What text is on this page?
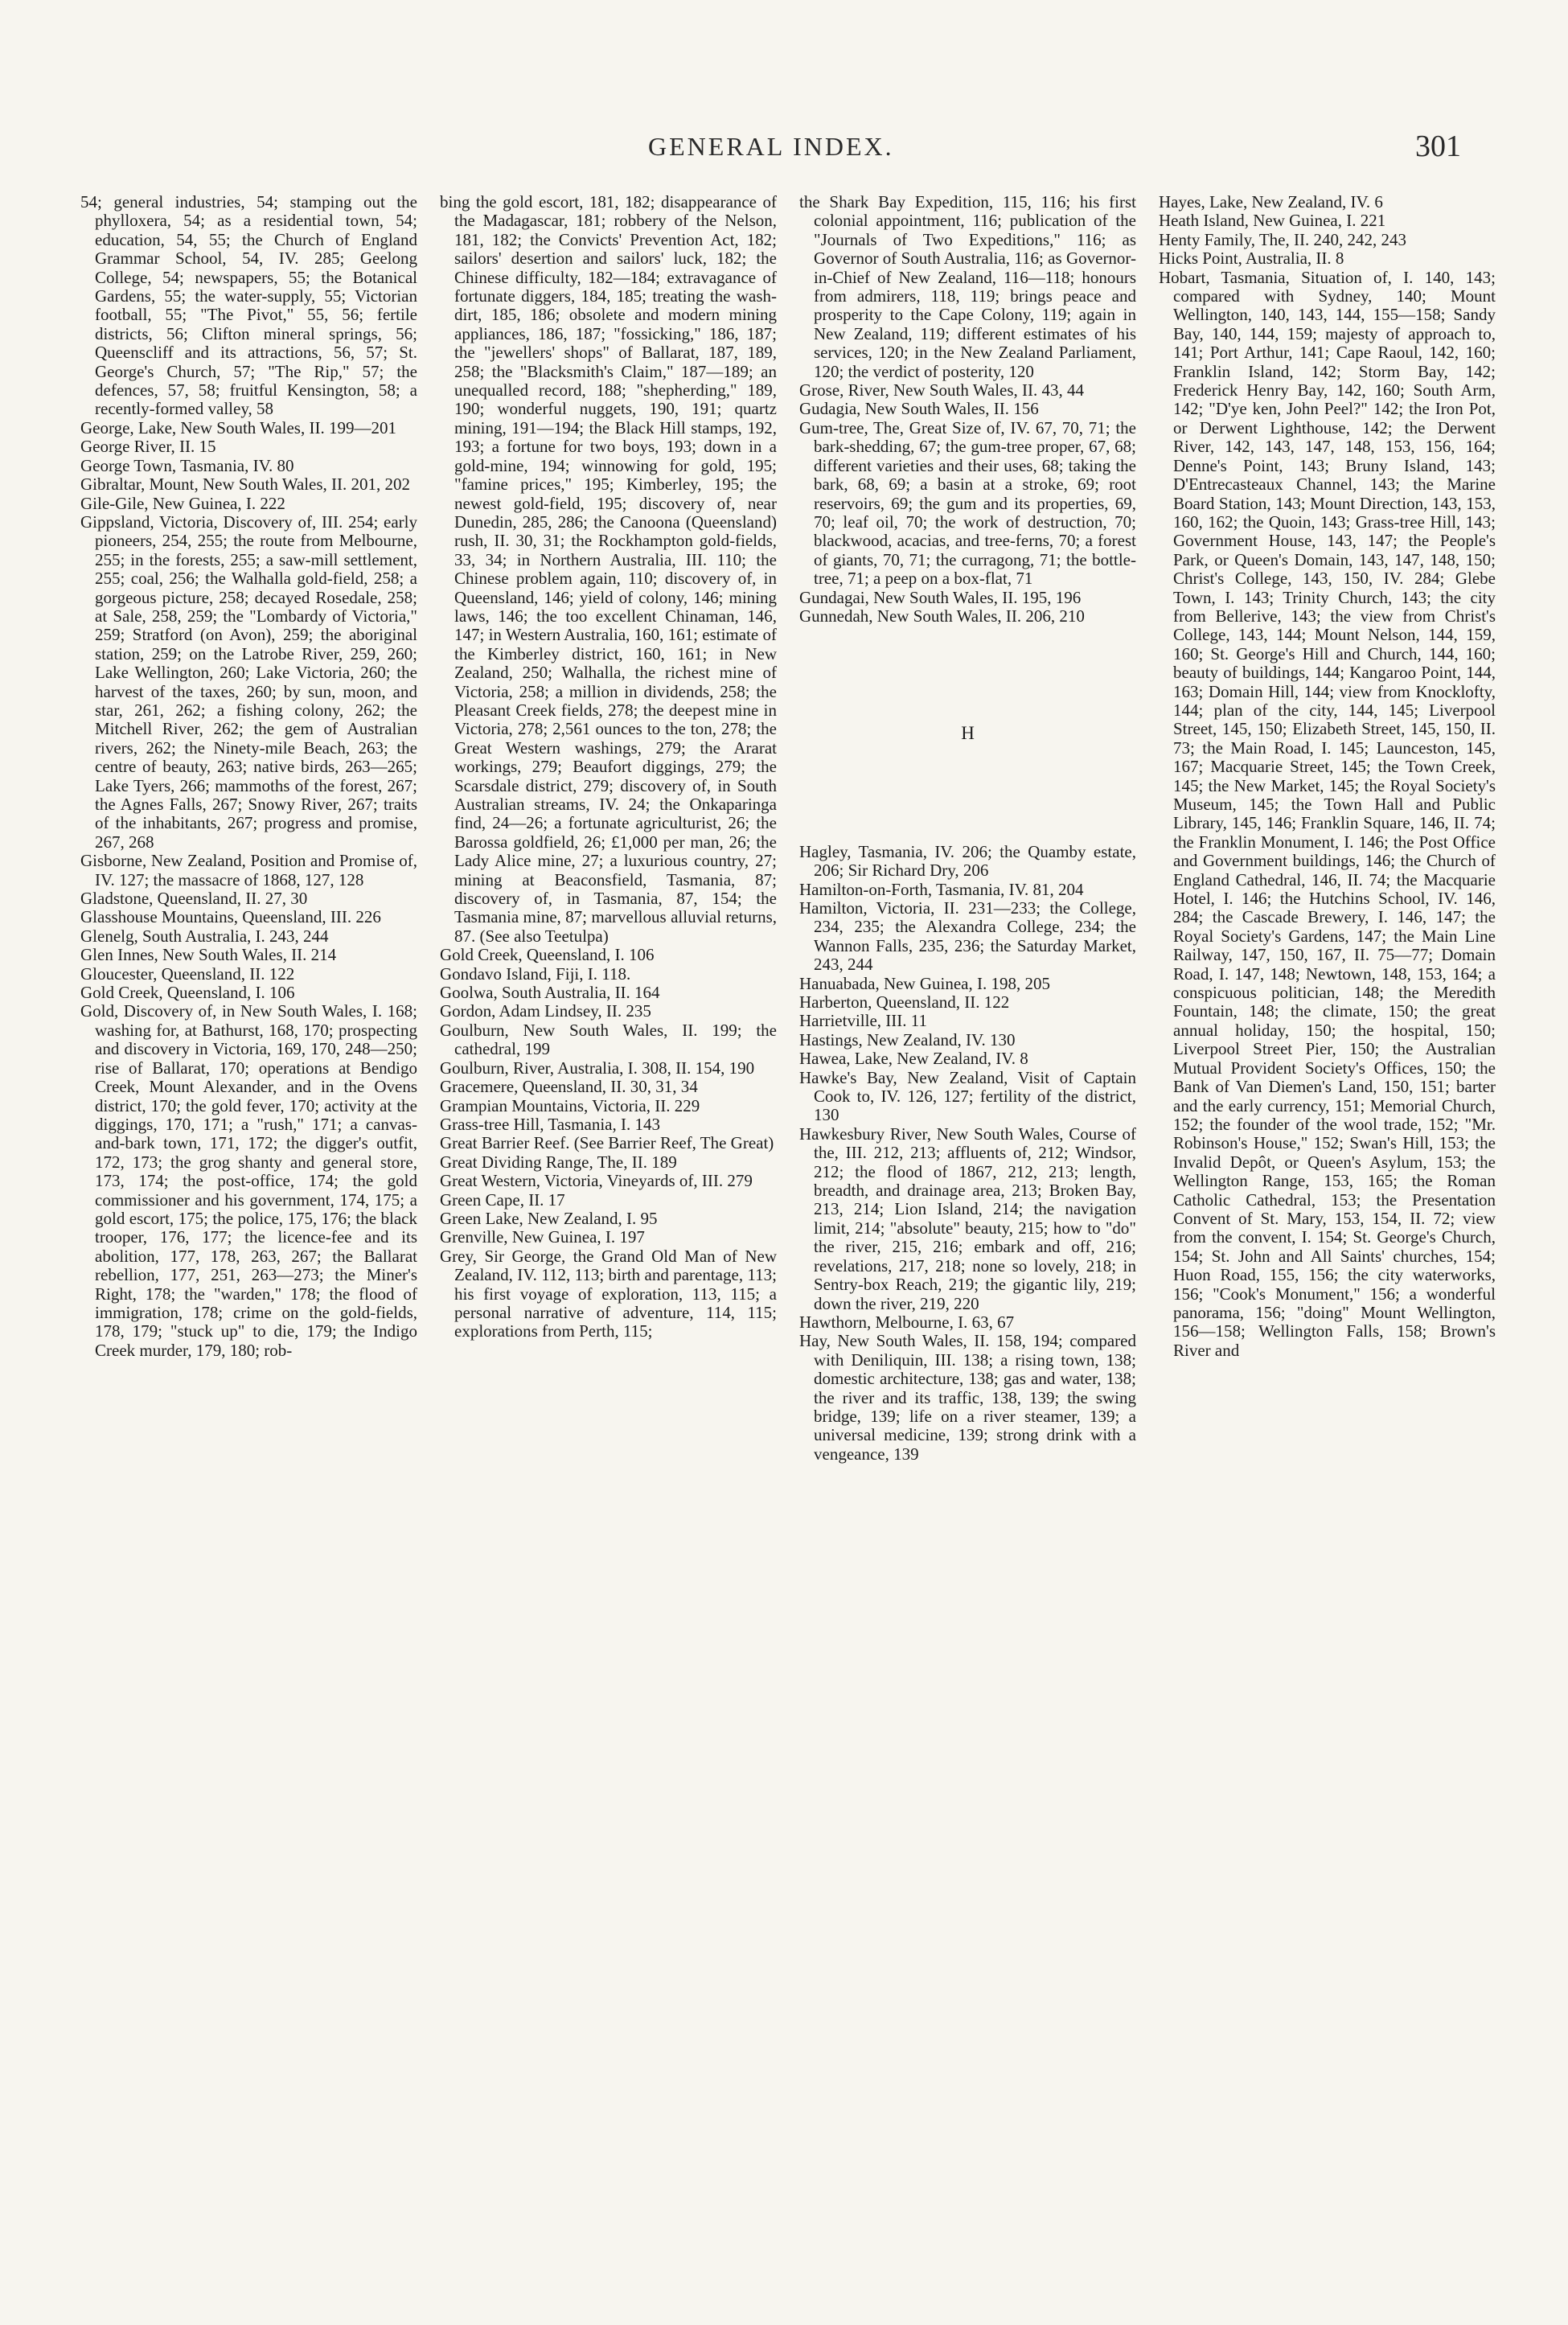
GENERAL INDEX.	301

54; general industries, 54; stamping out the phylloxera, 54; as a residential town, 54; education, 54, 55; the Church of England Grammar School, 54, IV. 285; Geelong College, 54; newspapers, 55; the Botanical Gardens, 55; the water-supply, 55; Victorian football, 55; "The Pivot," 55, 56; fertile districts, 56; Clifton mineral springs, 56; Queenscliff and its attractions, 56, 57; St. George's Church, 57; "The Rip," 57; the defences, 57, 58; fruitful Kensington, 58; a recently-formed valley, 58

George, Lake, New South Wales, II. 199—201

George River, II. 15

George Town, Tasmania, IV. 80

Gibraltar, Mount, New South Wales, II. 201, 202

Gile-Gile, New Guinea, I. 222

Gippsland, Victoria, Discovery of, III. 254; early pioneers, 254, 255; the route from Melbourne, 255; in the forests, 255; a saw-mill settlement, 255; coal, 256; the Walhalla gold-field, 258; a gorgeous picture, 258; decayed Rosedale, 258; at Sale, 258, 259; the "Lombardy of Victoria," 259; Stratford (on Avon), 259; the aboriginal station, 259; on the Latrobe River, 259, 260; Lake Wellington, 260; Lake Victoria, 260; the harvest of the taxes, 260; by sun, moon, and star, 261, 262; a fishing colony, 262; the Mitchell River, 262; the gem of Australian rivers, 262; the Ninety-mile Beach, 263; the centre of beauty, 263; native birds, 263—265; Lake Tyers, 266; mammoths of the forest, 267; the Agnes Falls, 267; Snowy River, 267; traits of the inhabitants, 267; progress and promise, 267, 268

Gisborne, New Zealand, Position and Promise of, IV. 127; the massacre of 1868, 127, 128

Gladstone, Queensland, II. 27, 30

Glasshouse Mountains, Queensland, III. 226

Glenelg, South Australia, I. 243, 244

Glen Innes, New South Wales, II. 214

Gloucester, Queensland, II. 122

Gold Creek, Queensland, I. 106

Gold, Discovery of, in New South Wales, I. 168; washing for, at Bathurst, 168, 170; prospecting and discovery in Victoria, 169, 170, 248—250; rise of Ballarat, 170; operations at Bendigo Creek, Mount Alexander, and in the Ovens district, 170; the gold fever, 170; activity at the diggings, 170, 171; a "rush," 171; a canvas-and-bark town, 171, 172; the digger's outfit, 172, 173; the grog shanty and general store, 173, 174; the post-office, 174; the gold commissioner and his government, 174, 175; a gold escort, 175; the police, 175, 176; the black trooper, 176, 177; the licence-fee and its abolition, 177, 178, 263, 267; the Ballarat rebellion, 177, 251, 263—273; the Miner's Right, 178; the "warden," 178; the flood of immigration, 178; crime on the gold-fields, 178, 179; "stuck up" to die, 179; the Indigo Creek murder, 179, 180; rob-

bing the gold escort, 181, 182; disappearance of the Madagascar, 181; robbery of the Nelson, 181, 182; the Convicts' Prevention Act, 182; sailors' desertion and sailors' luck, 182; the Chinese difficulty, 182—184; extravagance of fortunate diggers, 184, 185; treating the wash-dirt, 185, 186; obsolete and modern mining appliances, 186, 187; "fossicking," 186, 187; the "jewellers' shops" of Ballarat, 187, 189, 258; the "Blacksmith's Claim," 187—189; an unequalled record, 188; "shepherding," 189, 190; wonderful nuggets, 190, 191; quartz mining, 191—194; the Black Hill stamps, 192, 193; a fortune for two boys, 193; down in a gold-mine, 194; winnowing for gold, 195; "famine prices," 195; Kimberley, 195; the newest gold-field, 195; discovery of, near Dunedin, 285, 286; the Canoona (Queensland) rush, II. 30, 31; the Rockhampton gold-fields, 33, 34; in Northern Australia, III. 110; the Chinese problem again, 110; discovery of, in Queensland, 146; yield of colony, 146; mining laws, 146; the too excellent Chinaman, 146, 147; in Western Australia, 160, 161; estimate of the Kimberley district, 160, 161; in New Zealand, 250; Walhalla, the richest mine of Victoria, 258; a million in dividends, 258; the Pleasant Creek fields, 278; the deepest mine in Victoria, 278; 2,561 ounces to the ton, 278; the Great Western washings, 279; the Ararat workings, 279; Beaufort diggings, 279; the Scarsdale district, 279; discovery of, in South Australian streams, IV. 24; the Onkaparinga find, 24—26; a fortunate agriculturist, 26; the Barossa goldfield, 26; £1,000 per man, 26; the Lady Alice mine, 27; a luxurious country, 27; mining at Beaconsfield, Tasmania, 87; discovery of, in Tasmania, 87, 154; the Tasmania mine, 87; marvellous alluvial returns, 87. (See also Teetulpa)

Gold Creek, Queensland, I. 106

Gondavo Island, Fiji, I. 118.

Goolwa, South Australia, II. 164

Gordon, Adam Lindsey, II. 235

Goulburn, New South Wales, II. 199; the cathedral, 199

Goulburn, River, Australia, I. 308, II. 154, 190

Gracemere, Queensland, II. 30, 31, 34

Grampian Mountains, Victoria, II. 229

Grass-tree Hill, Tasmania, I. 143

Great Barrier Reef. (See Barrier Reef, The Great)

Great Dividing Range, The, II. 189

Great Western, Victoria, Vineyards of, III. 279

Green Cape, II. 17

Green Lake, New Zealand, I. 95

Grenville, New Guinea, I. 197

Grey, Sir George, the Grand Old Man of New Zealand, IV. 112, 113; birth and parentage, 113; his first voyage of exploration, 113, 115; a personal narrative of adventure, 114, 115; explorations from Perth, 115;

the Shark Bay Expedition, 115, 116; his first colonial appointment, 116; publication of the "Journals of Two Expeditions," 116; as Governor of South Australia, 116; as Governor-in-Chief of New Zealand, 116—118; honours from admirers, 118, 119; brings peace and prosperity to the Cape Colony, 119; again in New Zealand, 119; different estimates of his services, 120; in the New Zealand Parliament, 120; the verdict of posterity, 120

Grose, River, New South Wales, II. 43, 44

Gudagia, New South Wales, II. 156

Gum-tree, The, Great Size of, IV. 67, 70, 71; the bark-shedding, 67; the gum-tree proper, 67, 68; different varieties and their uses, 68; taking the bark, 68, 69; a basin at a stroke, 69; root reservoirs, 69; the gum and its properties, 69, 70; leaf oil, 70; the work of destruction, 70; blackwood, acacias, and tree-ferns, 70; a forest of giants, 70, 71; the curragong, 71; the bottle-tree, 71; a peep on a box-flat, 71

Gundagai, New South Wales, II. 195, 196

Gunnedah, New South Wales, II. 206, 210

H

Hagley, Tasmania, IV. 206; the Quamby estate, 206; Sir Richard Dry, 206

Hamilton-on-Forth, Tasmania, IV. 81, 204

Hamilton, Victoria, II. 231—233; the College, 234, 235; the Alexandra College, 234; the Wannon Falls, 235, 236; the Saturday Market, 243, 244

Hanuabada, New Guinea, I. 198, 205

Harberton, Queensland, II. 122

Harrietville, III. 11

Hastings, New Zealand, IV. 130

Hawea, Lake, New Zealand, IV. 8

Hawke's Bay, New Zealand, Visit of Captain Cook to, IV. 126, 127; fertility of the district, 130

Hawkesbury River, New South Wales, Course of the, III. 212, 213; affluents of, 212; Windsor, 212; the flood of 1867, 212, 213; length, breadth, and drainage area, 213; Broken Bay, 213, 214; Lion Island, 214; the navigation limit, 214; "absolute" beauty, 215; how to "do" the river, 215, 216; embark and off, 216; revelations, 217, 218; none so lovely, 218; in Sentry-box Reach, 219; the gigantic lily, 219; down the river, 219, 220

Hawthorn, Melbourne, I. 63, 67

Hay, New South Wales, II. 158, 194; compared with Deniliquin, III. 138; a rising town, 138; domestic architecture, 138; gas and water, 138; the river and its traffic, 138, 139; the swing bridge, 139; life on a river steamer, 139; a universal medicine, 139; strong drink with a vengeance, 139

Hayes, Lake, New Zealand, IV. 6

Heath Island, New Guinea, I. 221

Henty Family, The, II. 240, 242, 243

Hicks Point, Australia, II. 8

Hobart, Tasmania, Situation of, I. 140, 143; compared with Sydney, 140; Mount Wellington, 140, 143, 144, 155—158; Sandy Bay, 140, 144, 159; majesty of approach to, 141; Port Arthur, 141; Cape Raoul, 142, 160; Franklin Island, 142; Storm Bay, 142; Frederick Henry Bay, 142, 160; South Arm, 142; "D'ye ken, John Peel?" 142; the Iron Pot, or Derwent Lighthouse, 142; the Derwent River, 142, 143, 147, 148, 153, 156, 164; Denne's Point, 143; Bruny Island, 143; D'Entrecasteaux Channel, 143; the Marine Board Station, 143; Mount Direction, 143, 153, 160, 162; the Quoin, 143; Grass-tree Hill, 143; Government House, 143, 147; the People's Park, or Queen's Domain, 143, 147, 148, 150; Christ's College, 143, 150, IV. 284; Glebe Town, I. 143; Trinity Church, 143; the city from Bellerive, 143; the view from Christ's College, 143, 144; Mount Nelson, 144, 159, 160; St. George's Hill and Church, 144, 160; beauty of buildings, 144; Kangaroo Point, 144, 163; Domain Hill, 144; view from Knocklofty, 144; plan of the city, 144, 145; Liverpool Street, 145, 150; Elizabeth Street, 145, 150, II. 73; the Main Road, I. 145; Launceston, 145, 167; Macquarie Street, 145; the Town Creek, 145; the New Market, 145; the Royal Society's Museum, 145; the Town Hall and Public Library, 145, 146; Franklin Square, 146, II. 74; the Franklin Monument, I. 146; the Post Office and Government buildings, 146; the Church of England Cathedral, 146, II. 74; the Macquarie Hotel, I. 146; the Hutchins School, IV. 146, 284; the Cascade Brewery, I. 146, 147; the Royal Society's Gardens, 147; the Main Line Railway, 147, 150, 167, II. 75—77; Domain Road, I. 147, 148; Newtown, 148, 153, 164; a conspicuous politician, 148; the Meredith Fountain, 148; the climate, 150; the great annual holiday, 150; the hospital, 150; Liverpool Street Pier, 150; the Australian Mutual Provident Society's Offices, 150; the Bank of Van Diemen's Land, 150, 151; barter and the early currency, 151; Memorial Church, 152; the founder of the wool trade, 152; "Mr. Robinson's House," 152; Swan's Hill, 153; the Invalid Depôt, or Queen's Asylum, 153; the Wellington Range, 153, 165; the Roman Catholic Cathedral, 153; the Presentation Convent of St. Mary, 153, 154, II. 72; view from the convent, I. 154; St. George's Church, 154; St. John and All Saints' churches, 154; Huon Road, 155, 156; the city waterworks, 156; "Cook's Monument," 156; a wonderful panorama, 156; "doing" Mount Wellington, 156—158; Wellington Falls, 158; Brown's River and
